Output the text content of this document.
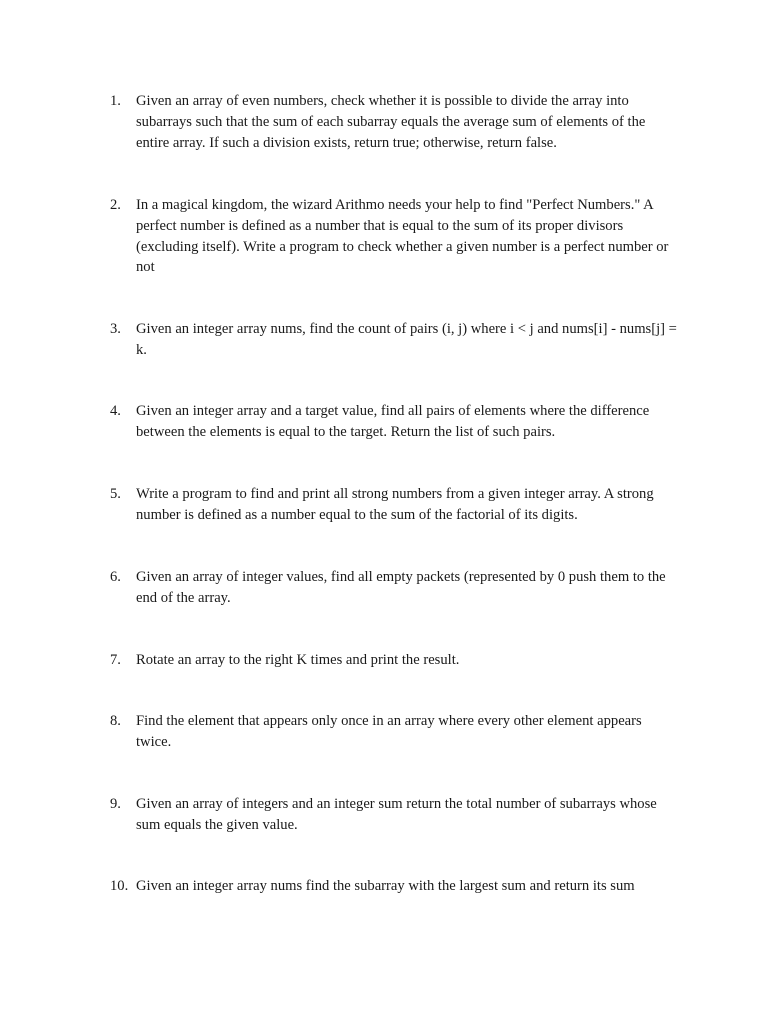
1.	Given an array of even numbers, check whether it is possible to divide the array into subarrays such that the sum of each subarray equals the average sum of elements of the entire array. If such a division exists, return true; otherwise, return false.
2.	In a magical kingdom, the wizard Arithmo needs your help to find "Perfect Numbers." A perfect number is defined as a number that is equal to the sum of its proper divisors (excluding itself). Write a program to check whether a given number is a perfect number or not
3.	Given an integer array nums, find the count of pairs (i, j) where i < j and nums[i] - nums[j] = k.
4.	Given an integer array and a target value, find all pairs of elements where the difference between the elements is equal to the target. Return the list of such pairs.
5.	Write a program to find and print all strong numbers from a given integer array. A strong number is defined as a number equal to the sum of the factorial of its digits.
6.	Given an array of integer values, find all empty packets (represented by 0 push them to the end of the array.
7.	Rotate an array to the right K times and print the result.
8.	Find the element that appears only once in an array where every other element appears twice.
9.	Given an array of integers and an integer sum return the total number of subarrays whose sum equals the given value.
10. Given an integer array nums find the subarray with the largest sum and return its sum
